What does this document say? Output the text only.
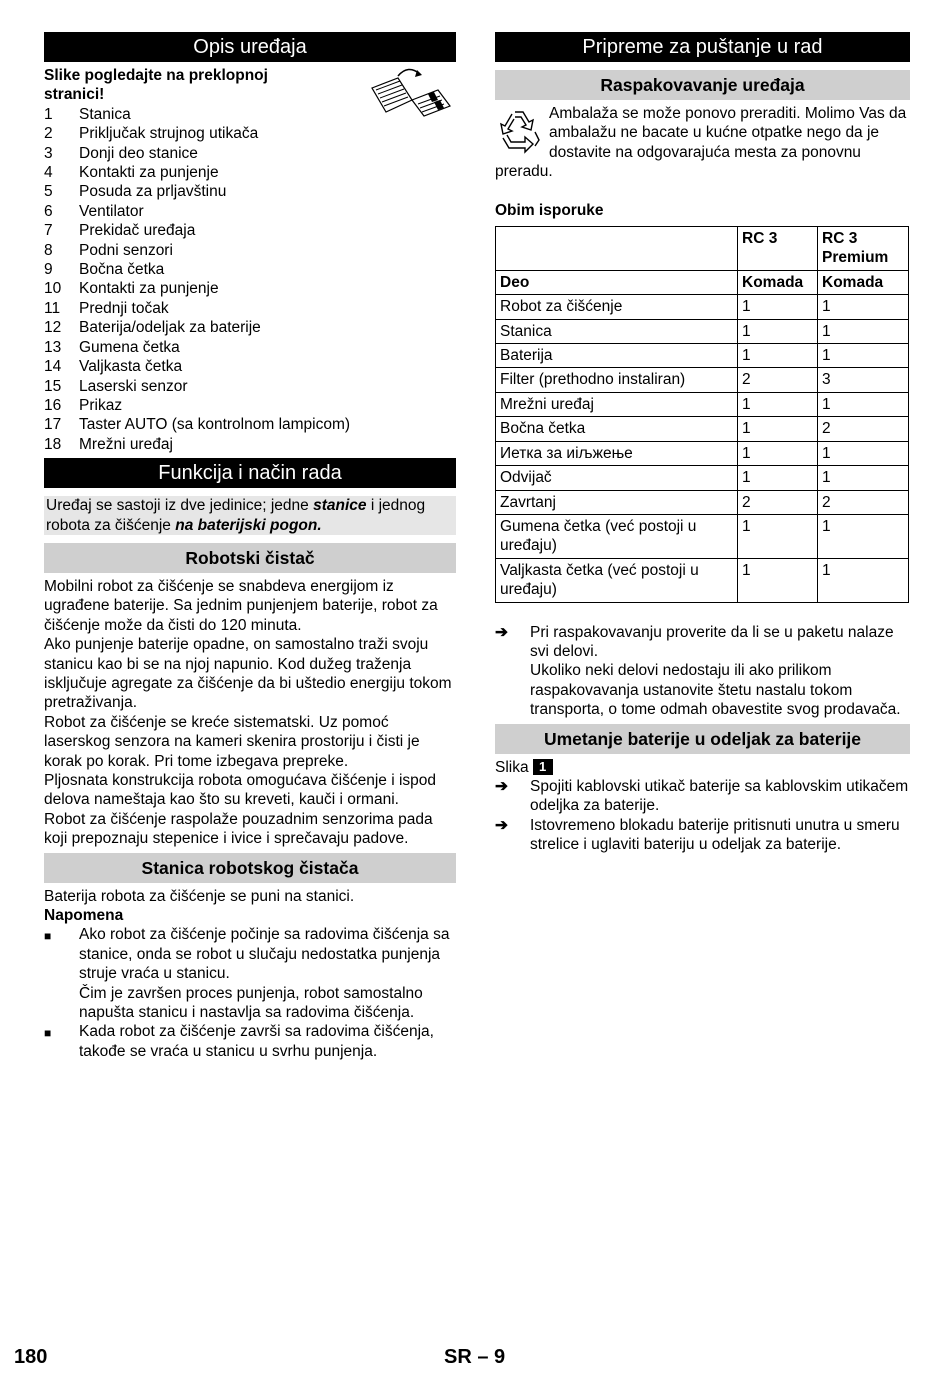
Opis uređaja
Slike pogledajte na preklopnoj stranici!
1	Stanica
2	Priključak strujnog utikača
3	Donji deo stanice
4	Kontakti za punjenje
5	Posuda za prljavštinu
6	Ventilator
7	Prekidač uređaja
8	Podni senzori
9	Bočna četka
10	Kontakti za punjenje
11	Prednji točak
12	Baterija/odeljak za baterije
13	Gumena četka
14	Valjkasta četka
15	Laserski senzor
16	Prikaz
17	Taster AUTO (sa kontrolnom lampicom)
18	Mrežni uređaj
Funkcija i način rada
Uređaj se sastoji iz dve jedinice; jedne stanice i jednog robota za čišćenje na baterijski pogon.
Robotski čistač
Mobilni robot za čišćenje se snabdeva energijom iz ugrađene baterije. Sa jednim punjenjem baterije, robot za čišćenje može da čisti do 120 minuta.
Ako punjenje baterije opadne, on samostalno traži svoju stanicu kao bi se na njoj napunio. Kod dužeg traženja isključuje agregate za čišćenje da bi uštedio energiju tokom pretraživanja.
Robot za čišćenje se kreće sistematski. Uz pomoć laserskog senzora na kameri skenira prostoriju i čisti je korak po korak. Pri tome izbegava prepreke.
Pljosnata konstrukcija robota omogućava čišćenje i ispod delova nameštaja kao što su kreveti, kauči i ormani.
Robot za čišćenje raspolaže pouzadnim senzorima pada koji prepoznaju stepenice i ivice i sprečavaju padove.
Stanica robotskog čistača
Baterija robota za čišćenje se puni na stanici.
Napomena
■	Ako robot za čišćenje počinje sa radovima čišćenja sa stanice, onda se robot u slučaju nedostatka punjenja struje vraća u stanicu.
Čim je završen proces punjenja, robot samostalno napušta stanicu i nastavlja sa radovima čišćenja.
■	Kada robot za čišćenje završi sa radovima čišćenja, takođe se vraća u stanicu u svrhu punjenja.
Pripreme za puštanje u rad
Raspakovavanje uređaja
Ambalaža se može ponovo preraditi. Molimo Vas da ambalažu ne bacate u kućne otpatke nego da je dostavite na odgovarajuća mesta za ponovnu preradu.
Obim isporuke
	RC 3	RC 3 Premium
Deo	Komada	Komada
Robot za čišćenje	1	1
Stanica	1	1
Baterija	1	1
Filter (prethodno instaliran)	2	3
Mrežni uređaj	1	1
Bočna četka	1	2
Иетка за иіљжење	1	1
Odvijač	1	1
Zavrtanj	2	2
Gumena četka (već postoji u uređaju)	1	1
Valjkasta četka (već postoji u uređaju)	1	1
➔	Pri raspakovavanju proverite da li se u paketu nalaze svi delovi.
Ukoliko neki delovi nedostaju ili ako prilikom raspakovavanja ustanovite štetu nastalu tokom transporta, o tome odmah obavestite svog prodavača.
Umetanje baterije u odeljak za baterije
Slika 1
➔	Spojiti kablovski utikač baterije sa kablovskim utikačem odeljka za baterije.
➔	Istovremeno blokadu baterije pritisnuti unutra u smeru strelice i uglaviti bateriju u odeljak za baterije.
180	SR – 9
